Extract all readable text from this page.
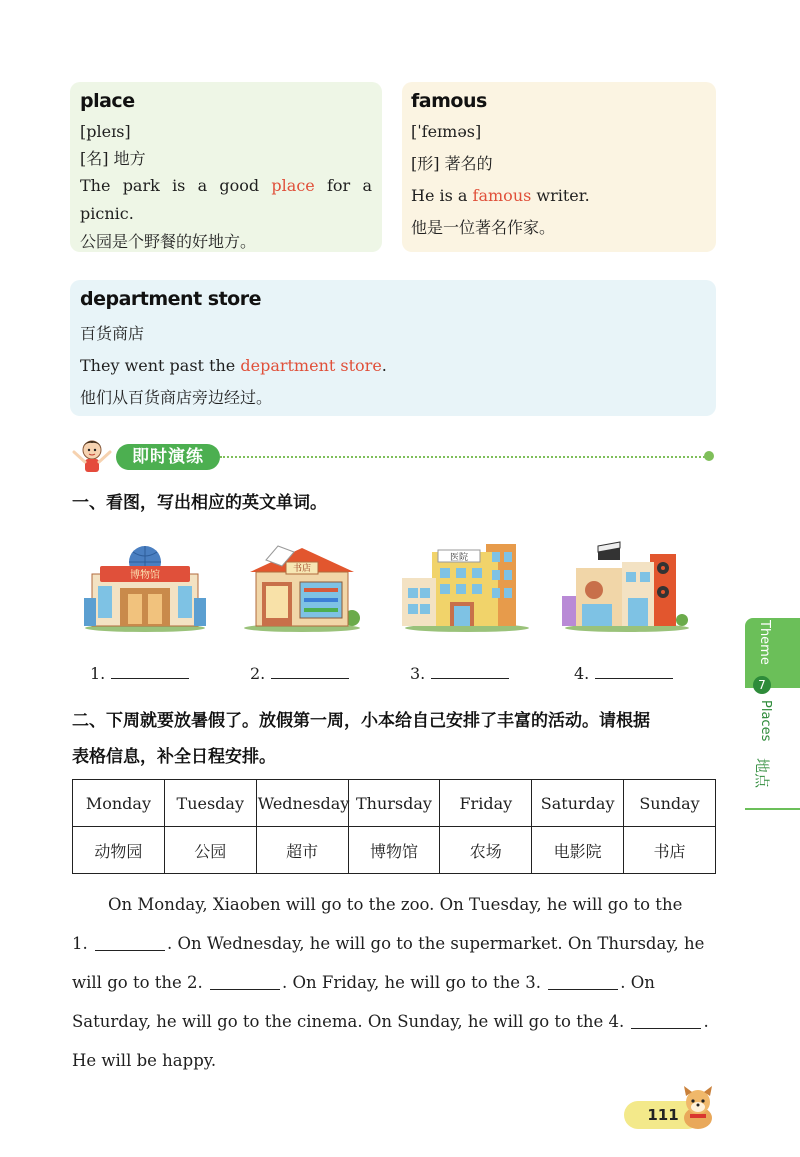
place
[pleɪs]
[名] 地方
The park is a good place for a picnic.
公园是个野餐的好地方。
famous
[ˈfeɪməs]
[形] 著名的
He is a famous writer.
他是一位著名作家。
department store
百货商店
They went past the department store.
他们从百货商店旁边经过。
即时演练
一、看图，写出相应的英文单词。
博物馆
书店
医院
1.	2.	3.	4.
二、下周就要放暑假了。放假第一周，小本给自己安排了丰富的活动。请根据
表格信息，补全日程安排。
Monday	Tuesday	Wednesday	Thursday	Friday	Saturday	Sunday
动物园	公园	超市	博物馆	农场	电影院	书店
On Monday, Xiaoben will go to the zoo. On Tuesday, he will go to the
1.	. On Wednesday, he will go to the supermarket. On Thursday, he
will go to the 2.	. On Friday, he will go to the 3.	. On
Saturday, he will go to the cinema. On Sunday, he will go to the 4.	.
He will be happy.
Theme
7
Places
地点
111
